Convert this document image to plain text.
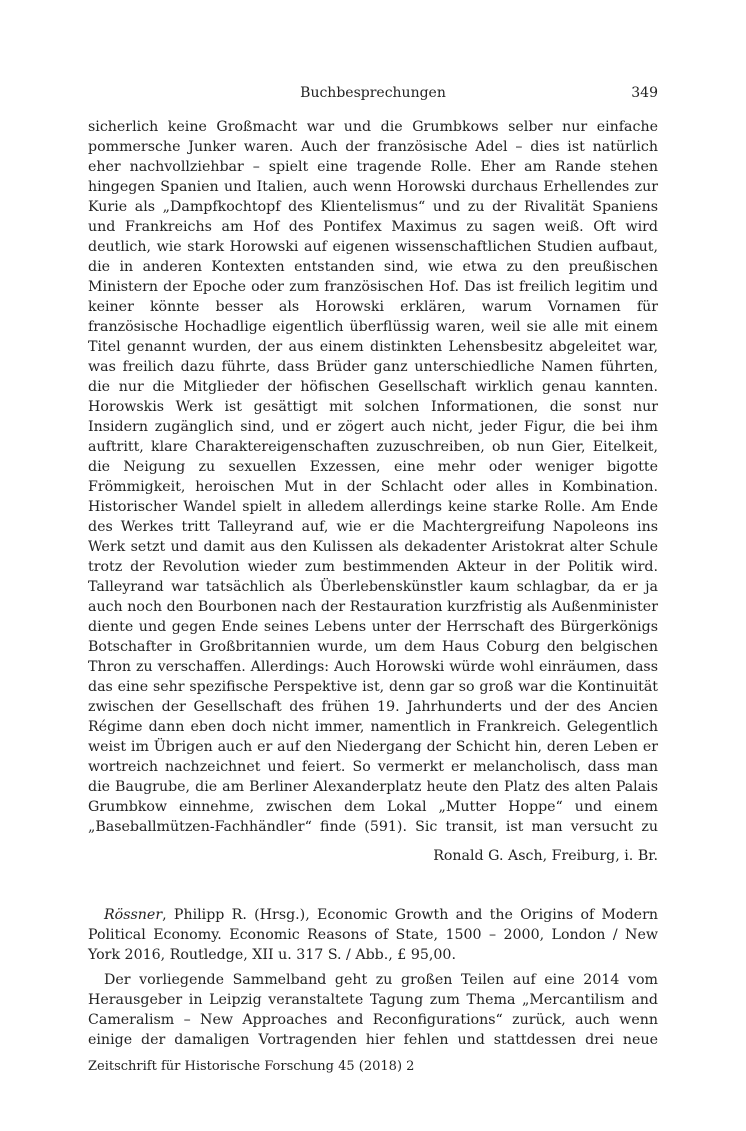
Buchbesprechungen	349

sicherlich keine Großmacht war und die Grumbkows selber nur einfache pommersche Junker waren. Auch der französische Adel – dies ist natürlich eher nachvollziehbar – spielt eine tragende Rolle. Eher am Rande stehen hingegen Spanien und Italien, auch wenn Horowski durchaus Erhellendes zur Kurie als „Dampfkochtopf des Klientelismus“ und zu der Rivalität Spaniens und Frankreichs am Hof des Pontifex Maximus zu sagen weiß. Oft wird deutlich, wie stark Horowski auf eigenen wissenschaftlichen Studien aufbaut, die in anderen Kontexten entstanden sind, wie etwa zu den preußischen Ministern der Epoche oder zum französischen Hof. Das ist freilich legitim und keiner könnte besser als Horowski erklären, warum Vornamen für französische Hochadlige eigentlich überflüssig waren, weil sie alle mit einem Titel genannt wurden, der aus einem distinkten Lehensbesitz abgeleitet war, was freilich dazu führte, dass Brüder ganz unterschiedliche Namen führten, die nur die Mitglieder der höfischen Gesellschaft wirklich genau kannten. Horowskis Werk ist gesättigt mit solchen Informationen, die sonst nur Insidern zugänglich sind, und er zögert auch nicht, jeder Figur, die bei ihm auftritt, klare Charaktereigenschaften zuzuschreiben, ob nun Gier, Eitelkeit, die Neigung zu sexuellen Exzessen, eine mehr oder weniger bigotte Frömmigkeit, heroischen Mut in der Schlacht oder alles in Kombination. Historischer Wandel spielt in alledem allerdings keine starke Rolle. Am Ende des Werkes tritt Talleyrand auf, wie er die Machtergreifung Napoleons ins Werk setzt und damit aus den Kulissen als dekadenter Aristokrat alter Schule trotz der Revolution wieder zum bestimmenden Akteur in der Politik wird. Talleyrand war tatsächlich als Überlebenskünstler kaum schlagbar, da er ja auch noch den Bourbonen nach der Restauration kurzfristig als Außenminister diente und gegen Ende seines Lebens unter der Herrschaft des Bürgerkönigs Botschafter in Großbritannien wurde, um dem Haus Coburg den belgischen Thron zu verschaffen. Allerdings: Auch Horowski würde wohl einräumen, dass das eine sehr spezifische Perspektive ist, denn gar so groß war die Kontinuität zwischen der Gesellschaft des frühen 19. Jahrhunderts und der des Ancien Régime dann eben doch nicht immer, namentlich in Frankreich. Gelegentlich weist im Übrigen auch er auf den Niedergang der Schicht hin, deren Leben er wortreich nachzeichnet und feiert. So vermerkt er melancholisch, dass man die Baugrube, die am Berliner Alexanderplatz heute den Platz des alten Palais Grumbkow einnehme, zwischen dem Lokal „Mutter Hoppe“ und einem „Baseballmützen-Fachhändler“ finde (591). Sic transit, ist man versucht zu

Ronald G. Asch, Freiburg, i. Br.
Rössner, Philipp R. (Hrsg.), Economic Growth and the Origins of Modern Political Economy. Economic Reasons of State, 1500 – 2000, London / New York 2016, Routledge, XII u. 317 S. / Abb., £ 95,00.

Der vorliegende Sammelband geht zu großen Teilen auf eine 2014 vom Herausgeber in Leipzig veranstaltete Tagung zum Thema „Mercantilism and Cameralism – New Approaches and Reconfigurations“ zurück, auch wenn einige der damaligen Vortragenden hier fehlen und stattdessen drei neue

Zeitschrift für Historische Forschung 45 (2018) 2
